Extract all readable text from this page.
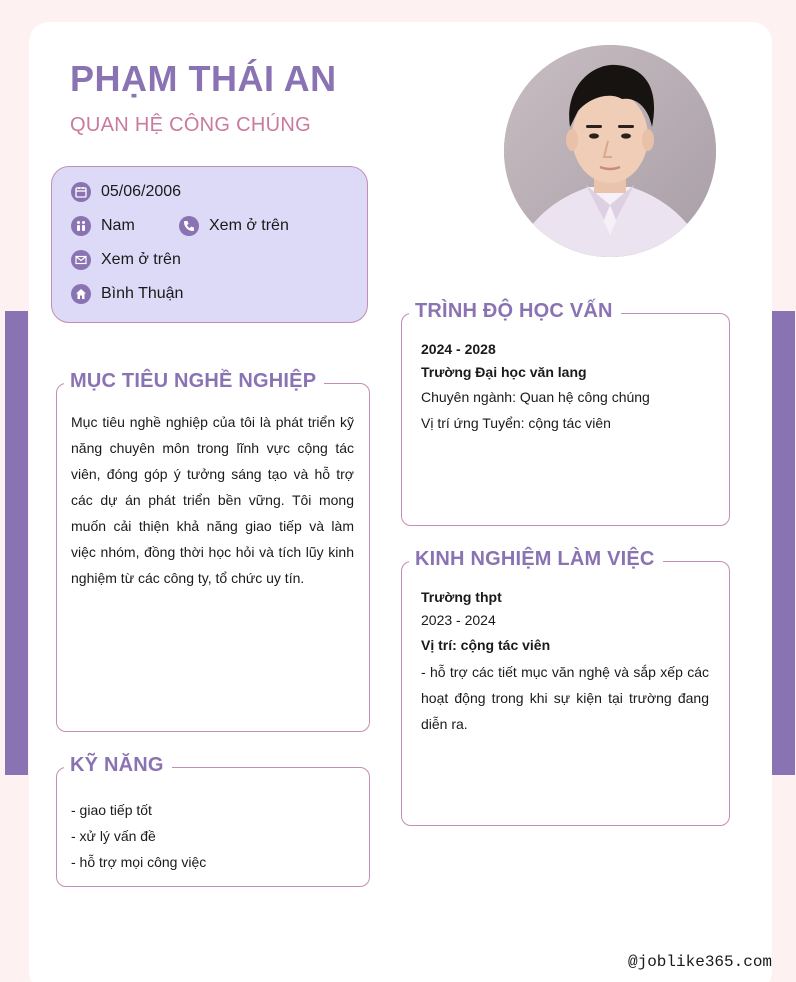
PHẠM THÁI AN
QUAN HỆ CÔNG CHÚNG
05/06/2006
Nam	Xem ở trên
Xem ở trên
Bình Thuận
MỤC TIÊU NGHỀ NGHIỆP
Mục tiêu nghề nghiệp của tôi là phát triển kỹ năng chuyên môn trong lĩnh vực cộng tác viên, đóng góp ý tưởng sáng tạo và hỗ trợ các dự án phát triển bền vững. Tôi mong muốn cải thiện khả năng giao tiếp và làm việc nhóm, đồng thời học hỏi và tích lũy kinh nghiệm từ các công ty, tổ chức uy tín.
KỸ NĂNG
- giao tiếp tốt
- xử lý vấn đề
- hỗ trợ mọi công việc
TRÌNH ĐỘ HỌC VẤN
2024 - 2028
Trường Đại học văn lang
Chuyên ngành: Quan hệ công chúng
Vị trí ứng Tuyển: cộng tác viên
KINH NGHIỆM LÀM VIỆC
Trường thpt
2023 - 2024
Vị trí: cộng tác viên
- hỗ trợ các tiết mục văn nghệ và sắp xếp các hoạt động trong khi sự kiện tại trường đang diễn ra.
@joblike365.com
